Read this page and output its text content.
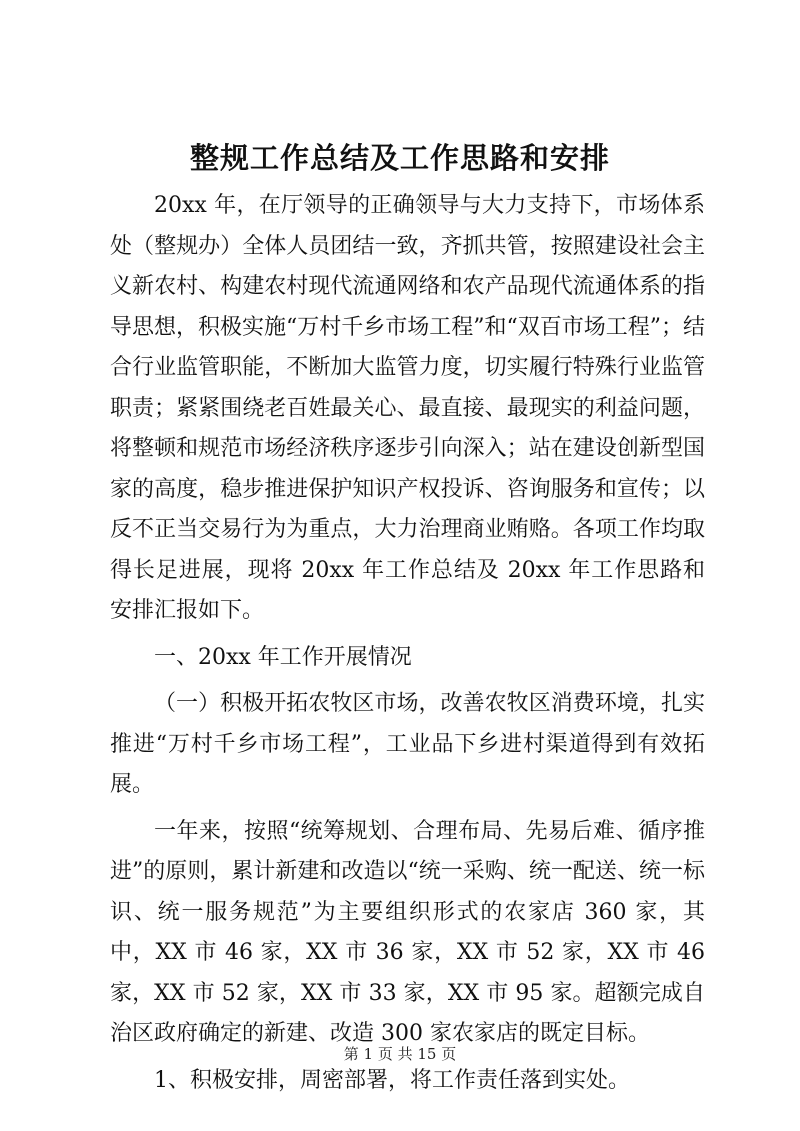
整规工作总结及工作思路和安排

20xx 年，在厅领导的正确领导与大力支持下，市场体系处（整规办）全体人员团结一致，齐抓共管，按照建设社会主义新农村、构建农村现代流通网络和农产品现代流通体系的指导思想，积极实施“万村千乡市场工程”和“双百市场工程”；结合行业监管职能，不断加大监管力度，切实履行特殊行业监管职责；紧紧围绕老百姓最关心、最直接、最现实的利益问题，将整顿和规范市场经济秩序逐步引向深入；站在建设创新型国家的高度，稳步推进保护知识产权投诉、咨询服务和宣传；以反不正当交易行为为重点，大力治理商业贿赂。各项工作均取得长足进展，现将 20xx 年工作总结及 20xx 年工作思路和安排汇报如下。

一、20xx 年工作开展情况

（一）积极开拓农牧区市场，改善农牧区消费环境，扎实推进“万村千乡市场工程”，工业品下乡进村渠道得到有效拓展。

一年来，按照“统筹规划、合理布局、先易后难、循序推进”的原则，累计新建和改造以“统一采购、统一配送、统一标识、统一服务规范”为主要组织形式的农家店 360 家，其中，XX 市 46 家，XX 市 36 家，XX 市 52 家，XX 市 46 家，XX 市 52 家，XX 市 33 家，XX 市 95 家。超额完成自治区政府确定的新建、改造 300 家农家店的既定目标。

1、积极安排，周密部署，将工作责任落到实处。

第 1 页 共 15 页
